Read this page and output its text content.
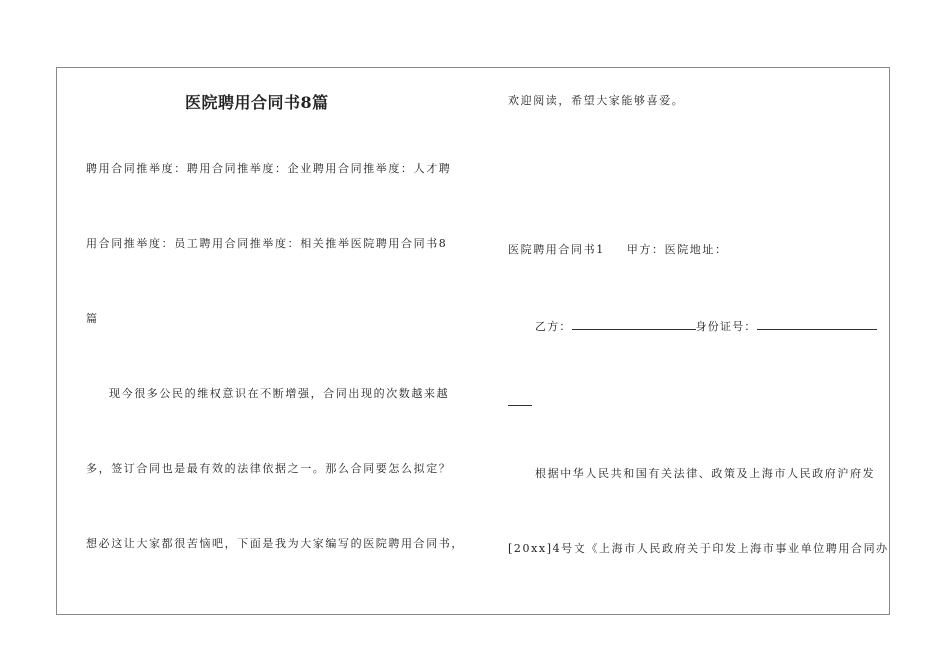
医院聘用合同书8篇
聘用合同推举度：聘用合同推举度：企业聘用合同推举度：人才聘
用合同推举度：员工聘用合同推举度：相关推举医院聘用合同书8
篇
现今很多公民的维权意识在不断增强，合同出现的次数越来越
多，签订合同也是最有效的法律依据之一。那么合同要怎么拟定？
想必这让大家都很苦恼吧，下面是我为大家编写的医院聘用合同书，
欢迎阅读，希望大家能够喜爱。
医院聘用合同书1 甲方：医院地址：
乙方：	身份证号：
根据中华人民共和国有关法律、政策及上海市人民政府沪府发
[20xx]4号文《上海市人民政府关于印发上海市事业单位聘用合同办
